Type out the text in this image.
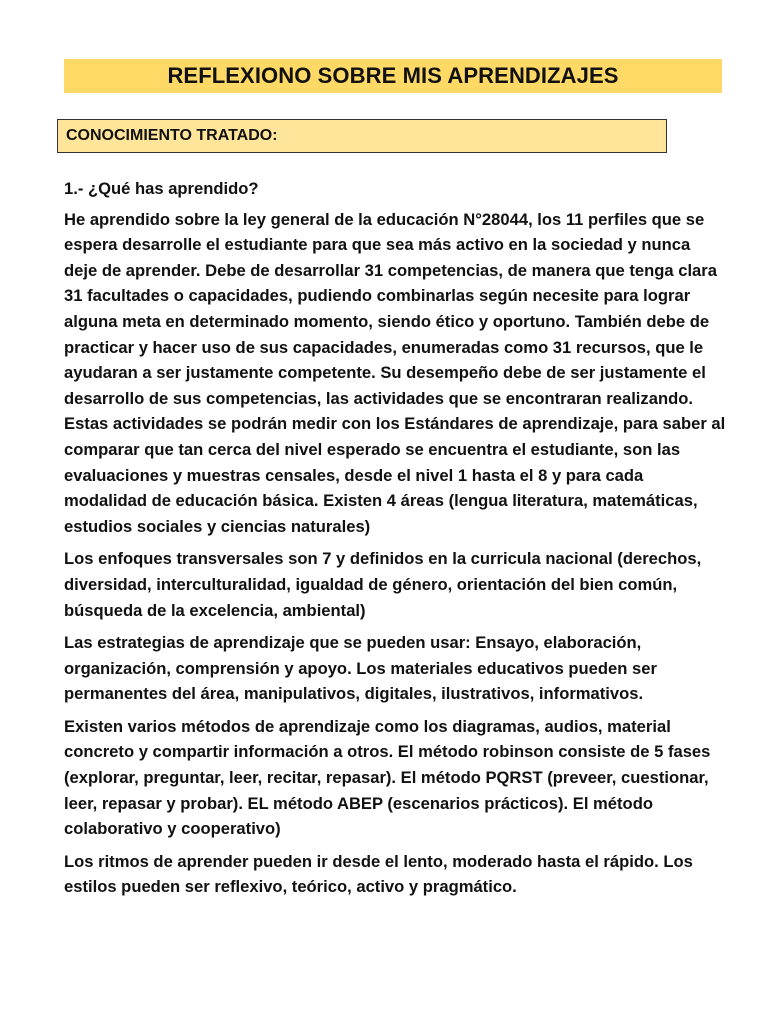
REFLEXIONO SOBRE MIS APRENDIZAJES
CONOCIMIENTO TRATADO:

1.- ¿Qué has aprendido?

He aprendido sobre la ley general de la educación N°28044, los 11 perfiles que se espera desarrolle el estudiante para que sea más activo en la sociedad y nunca deje de aprender. Debe de desarrollar 31 competencias, de manera que tenga clara 31 facultades o capacidades, pudiendo combinarlas según necesite para lograr alguna meta en determinado momento, siendo ético y oportuno. También debe de practicar y hacer uso de sus capacidades, enumeradas como 31 recursos, que le ayudaran a ser justamente competente. Su desempeño debe de ser justamente el desarrollo de sus competencias, las actividades que se encontraran realizando. Estas actividades se podrán medir con los Estándares de aprendizaje, para saber al comparar que tan cerca del nivel esperado se encuentra el estudiante, son las evaluaciones y muestras censales, desde el nivel 1 hasta el 8 y para cada modalidad de educación básica. Existen 4 áreas (lengua literatura, matemáticas, estudios sociales y ciencias naturales)

Los enfoques transversales son 7 y definidos en la curricula nacional (derechos, diversidad, interculturalidad, igualdad de género, orientación del bien común, búsqueda de la excelencia, ambiental)

Las estrategias de aprendizaje que se pueden usar: Ensayo, elaboración, organización, comprensión y apoyo. Los materiales educativos pueden ser permanentes del área, manipulativos, digitales, ilustrativos, informativos.

Existen varios métodos de aprendizaje como los diagramas, audios, material concreto y compartir información a otros. El método robinson consiste de 5 fases (explorar, preguntar, leer, recitar, repasar). El método PQRST (preveer, cuestionar, leer, repasar y probar). EL método ABEP (escenarios prácticos). El método colaborativo y cooperativo)

Los ritmos de aprender pueden ir desde el lento, moderado hasta el rápido. Los estilos pueden ser reflexivo, teórico, activo y pragmático.
